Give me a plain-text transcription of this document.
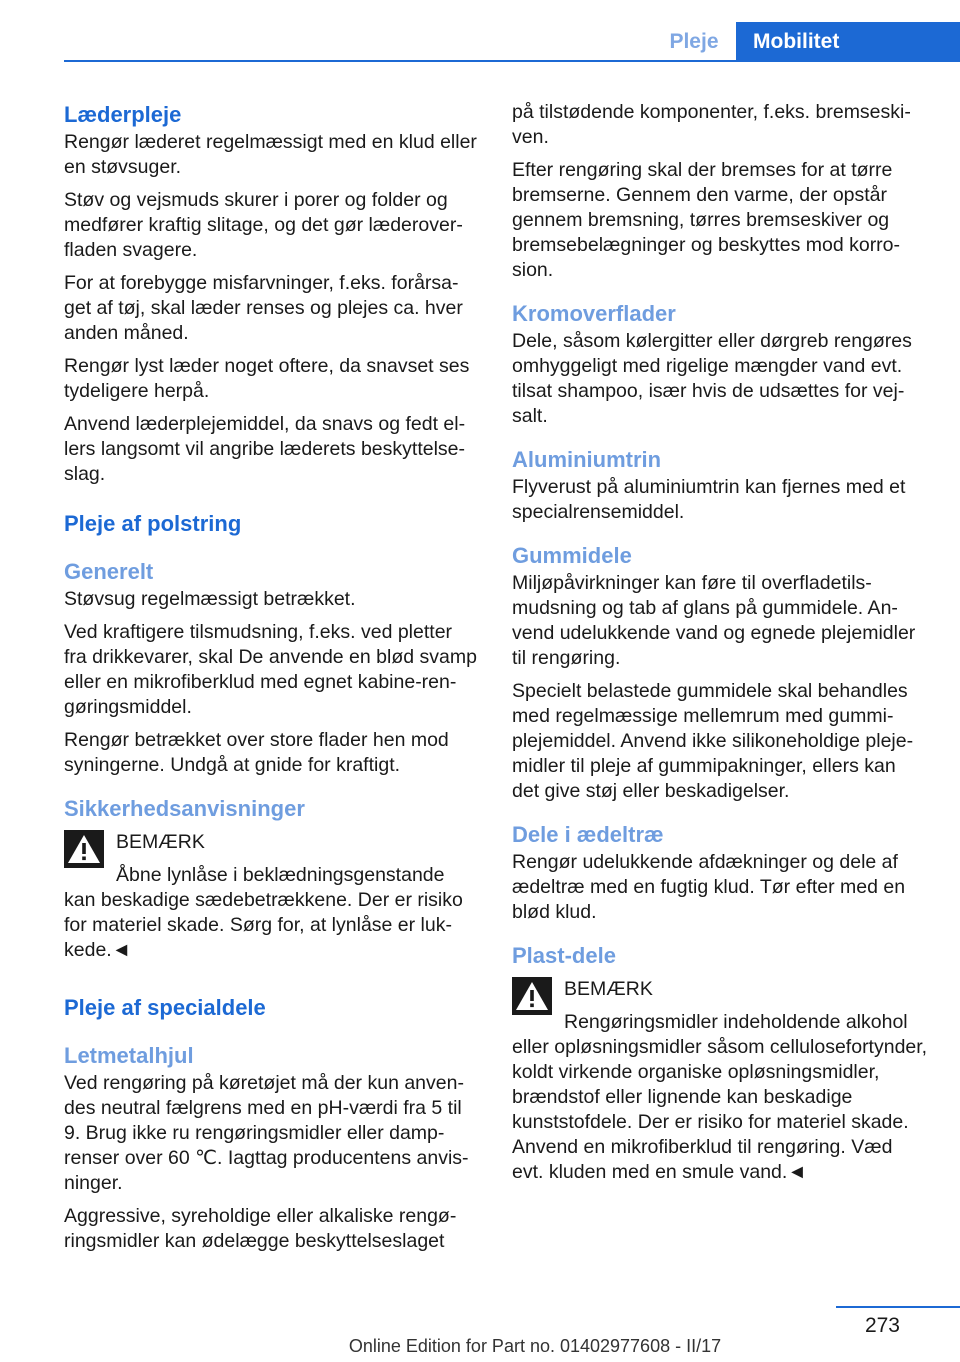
Pleje	Mobilitet
Læderpleje

Rengør læderet regelmæssigt med en klud eller en støvsuger.

Støv og vejsmuds skurer i porer og folder og medfører kraftig slitage, og det gør læderoverfladen svagere.

For at forebygge misfarvninger, f.eks. forårsaget af tøj, skal læder renses og plejes ca. hver anden måned.

Rengør lyst læder noget oftere, da snavset ses tydeligere herpå.

Anvend læderplejemiddel, da snavs og fedt ellers langsomt vil angribe læderets beskyttelseslag.

Pleje af polstring
Generelt

Støvsug regelmæssigt betrækket.

Ved kraftigere tilsmudsning, f.eks. ved pletter fra drikkevarer, skal De anvende en blød svamp eller en mikrofiberklud med egnet kabine-rengøringsmiddel.

Rengør betrækket over store flader hen mod syningerne. Undgå at gnide for kraftigt.

Sikkerhedsanvisninger
BEMÆRK

Åbne lynlåse i beklædningsgenstande kan beskadige sædebetrækkene. Der er risiko for materiel skade. Sørg for, at lynlåse er lukkede.◄

Pleje af specialdele
Letmetalhjul

Ved rengøring på køretøjet må der kun anvendes neutral fælgrens med en pH-værdi fra 5 til 9. Brug ikke ru rengøringsmidler eller damprenser over 60 ℃. Iagttag producentens anvisninger.

Aggressive, syreholdige eller alkaliske rengøringsmidler kan ødelægge beskyttelseslaget

på tilstødende komponenter, f.eks. bremseskiven.

Efter rengøring skal der bremses for at tørre bremserne. Gennem den varme, der opstår gennem bremsning, tørres bremseskiver og bremsebelægninger og beskyttes mod korrosion.

Kromoverflader

Dele, såsom kølergitter eller dørgreb rengøres omhyggeligt med rigelige mængder vand evt. tilsat shampoo, især hvis de udsættes for vejsalt.

Aluminiumtrin

Flyverust på aluminiumtrin kan fjernes med et specialrensemiddel.

Gummidele

Miljøpåvirkninger kan føre til overfladetilsmudsning og tab af glans på gummidele. Anvend udelukkende vand og egnede plejemidler til rengøring.

Specielt belastede gummidele skal behandles med regelmæssige mellemrum med gummiplejemiddel. Anvend ikke silikoneholdige plejemidler til pleje af gummipakninger, ellers kan det give støj eller beskadigelser.

Dele i ædeltræ

Rengør udelukkende afdækninger og dele af ædeltræ med en fugtig klud. Tør efter med en blød klud.

Plast-dele
BEMÆRK

Rengøringsmidler indeholdende alkohol eller opløsningsmidler såsom cellulosefortynder, koldt virkende organiske opløsningsmidler, brændstof eller lignende kan beskadige kunststofdele. Der er risiko for materiel skade. Anvend en mikrofiberklud til rengøring. Væd evt. kluden med en smule vand.◄

273
Online Edition for Part no. 01402977608 - II/17
